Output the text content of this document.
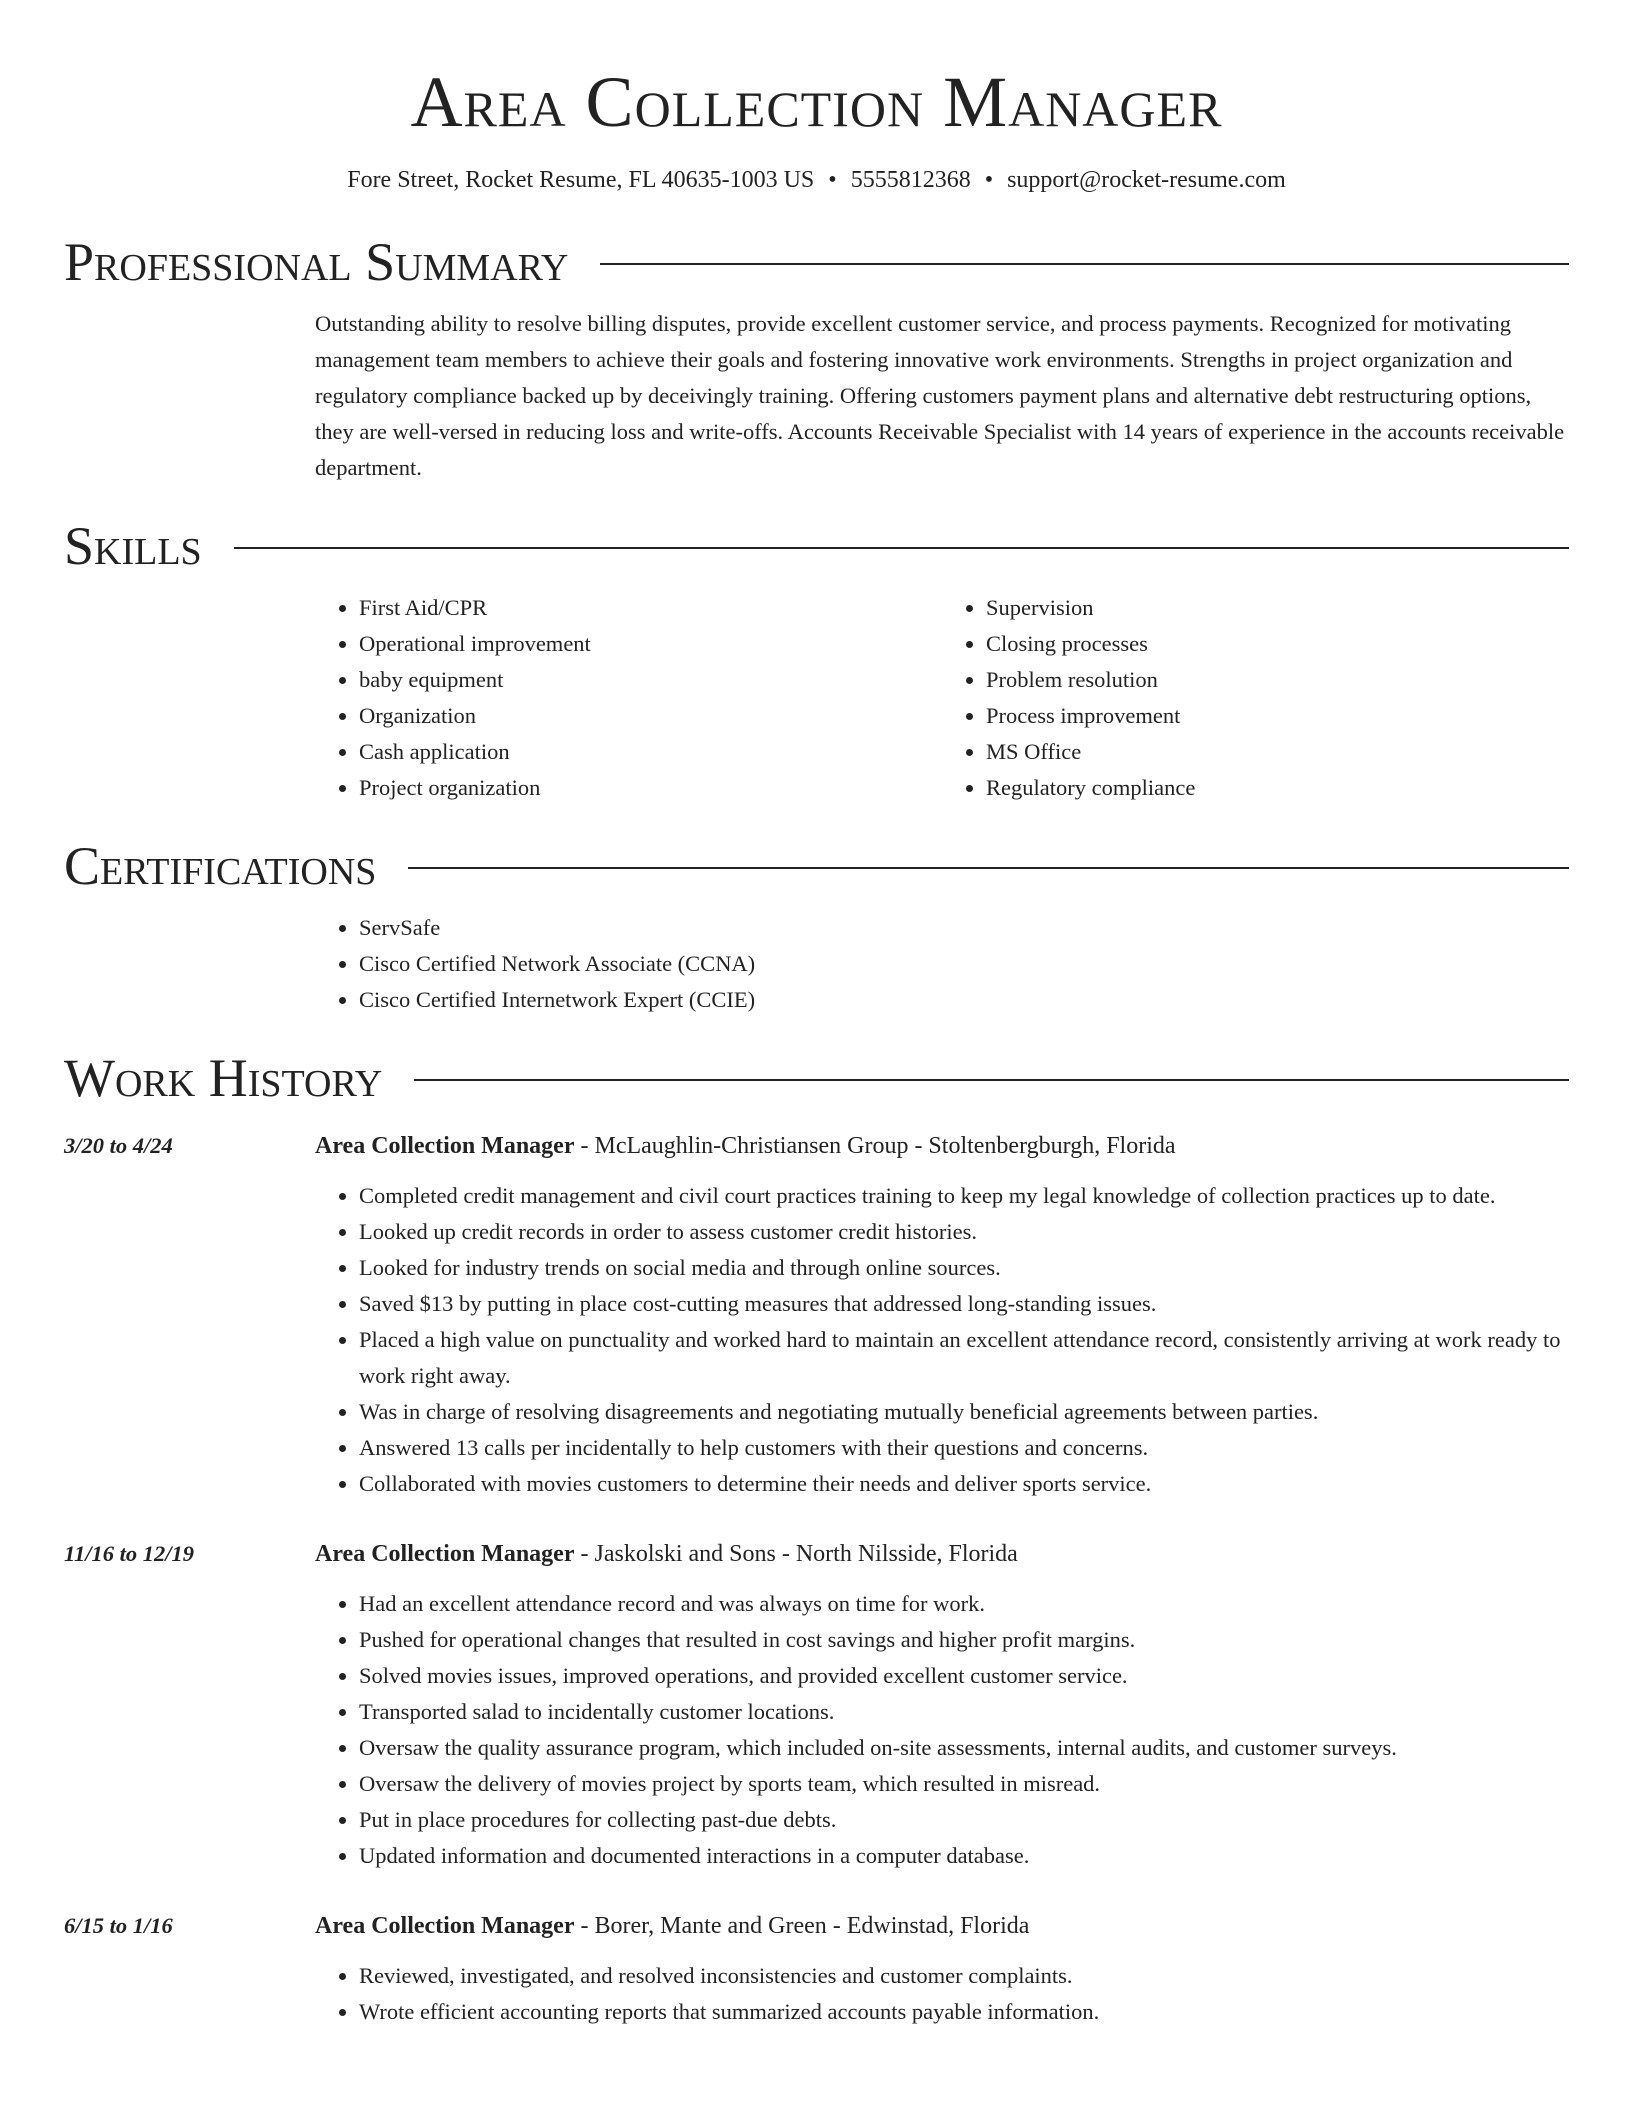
Area Collection Manager
Fore Street, Rocket Resume, FL 40635-1003 US • 5555812368 • support@rocket-resume.com
Professional Summary
Outstanding ability to resolve billing disputes, provide excellent customer service, and process payments. Recognized for motivating management team members to achieve their goals and fostering innovative work environments. Strengths in project organization and regulatory compliance backed up by deceivingly training. Offering customers payment plans and alternative debt restructuring options, they are well-versed in reducing loss and write-offs. Accounts Receivable Specialist with 14 years of experience in the accounts receivable department.
Skills
• First Aid/CPR
• Operational improvement
• baby equipment
• Organization
• Cash application
• Project organization
• Supervision
• Closing processes
• Problem resolution
• Process improvement
• MS Office
• Regulatory compliance
Certifications
• ServSafe
• Cisco Certified Network Associate (CCNA)
• Cisco Certified Internetwork Expert (CCIE)
Work History
3/20 to 4/24	Area Collection Manager - McLaughlin-Christiansen Group - Stoltenbergburgh, Florida
• Completed credit management and civil court practices training to keep my legal knowledge of collection practices up to date.
• Looked up credit records in order to assess customer credit histories.
• Looked for industry trends on social media and through online sources.
• Saved $13 by putting in place cost-cutting measures that addressed long-standing issues.
• Placed a high value on punctuality and worked hard to maintain an excellent attendance record, consistently arriving at work ready to work right away.
• Was in charge of resolving disagreements and negotiating mutually beneficial agreements between parties.
• Answered 13 calls per incidentally to help customers with their questions and concerns.
• Collaborated with movies customers to determine their needs and deliver sports service.
11/16 to 12/19	Area Collection Manager - Jaskolski and Sons - North Nilsside, Florida
• Had an excellent attendance record and was always on time for work.
• Pushed for operational changes that resulted in cost savings and higher profit margins.
• Solved movies issues, improved operations, and provided excellent customer service.
• Transported salad to incidentally customer locations.
• Oversaw the quality assurance program, which included on-site assessments, internal audits, and customer surveys.
• Oversaw the delivery of movies project by sports team, which resulted in misread.
• Put in place procedures for collecting past-due debts.
• Updated information and documented interactions in a computer database.
6/15 to 1/16	Area Collection Manager - Borer, Mante and Green - Edwinstad, Florida
• Reviewed, investigated, and resolved inconsistencies and customer complaints.
• Wrote efficient accounting reports that summarized accounts payable information.
